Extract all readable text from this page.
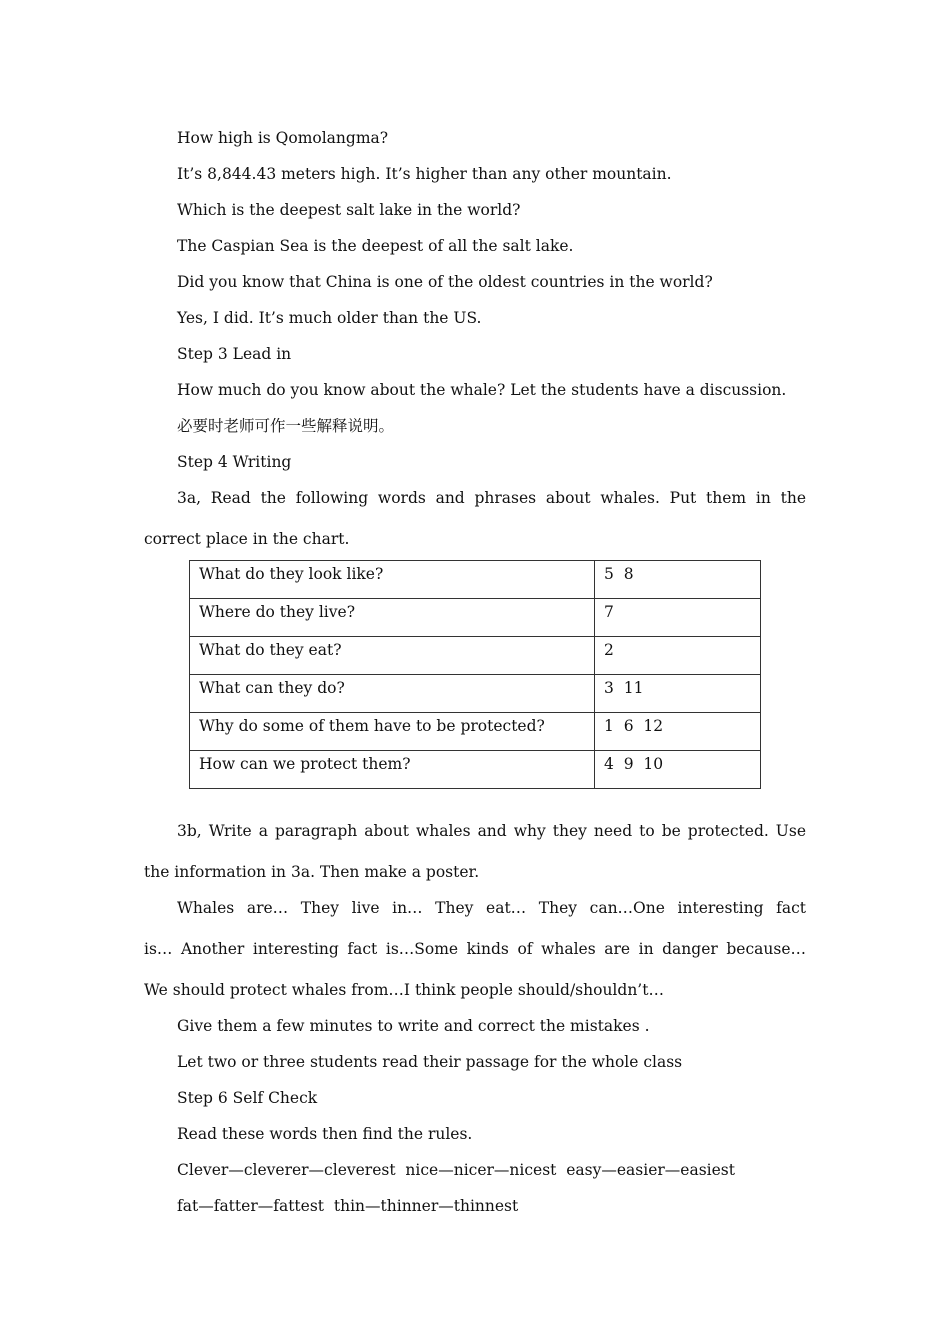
How high is Qomolangma?
It’s 8,844.43 meters high. It’s higher than any other mountain.
Which is the deepest salt lake in the world?
The Caspian Sea is the deepest of all the salt lake.
Did you know that China is one of the oldest countries in the world?
Yes, I did. It’s much older than the US.
Step 3 Lead in
How much do you know about the whale? Let the students have a discussion.
必要时老师可作一些解释说明。
Step 4 Writing
3a, Read the following words and phrases about whales. Put them in the
correct place in the chart.
What do they look like?	5  8
Where do they live?	7
What do they eat?	2
What can they do?	3  11
Why do some of them have to be protected?	1  6  12
How can we protect them?	4  9  10
3b, Write a paragraph about whales and why they need to be protected. Use
the information in 3a. Then make a poster.
Whales are… They live in… They eat… They can…One interesting fact
is… Another interesting fact is…Some kinds of whales are in danger because…
We should protect whales from…I think people should/shouldn’t…
Give them a few minutes to write and correct the mistakes .
Let two or three students read their passage for the whole class
Step 6 Self Check
Read these words then find the rules.
Clever—cleverer—cleverest  nice—nicer—nicest  easy—easier—easiest
fat—fatter—fattest  thin—thinner—thinnest
